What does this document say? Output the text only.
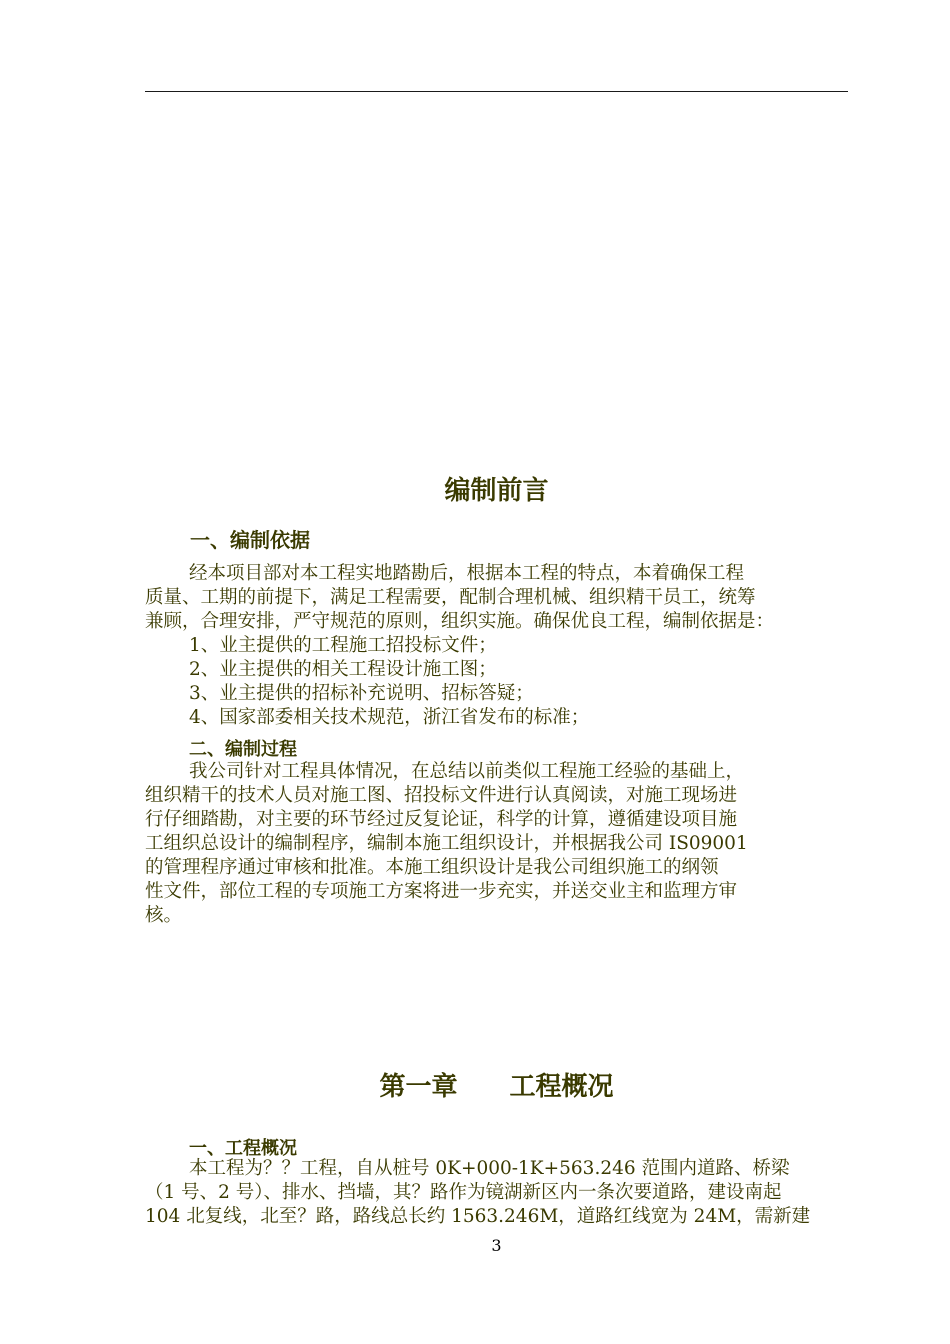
编制前言
一、编制依据
经本项目部对本工程实地踏勘后，根据本工程的特点，本着确保工程
质量、工期的前提下，满足工程需要，配制合理机械、组织精干员工，统筹
兼顾，合理安排，严守规范的原则，组织实施。确保优良工程，编制依据是：
1、业主提供的工程施工招投标文件；
2、业主提供的相关工程设计施工图；
3、业主提供的招标补充说明、招标答疑；
4、国家部委相关技术规范，浙江省发布的标准；
二、编制过程
我公司针对工程具体情况，在总结以前类似工程施工经验的基础上，
组织精干的技术人员对施工图、招投标文件进行认真阅读，对施工现场进
行仔细踏勘，对主要的环节经过反复论证，科学的计算，遵循建设项目施
工组织总设计的编制程序，编制本施工组织设计，并根据我公司 IS09001
的管理程序通过审核和批准。本施工组织设计是我公司组织施工的纲领
性文件，部位工程的专项施工方案将进一步充实，并送交业主和监理方审
核。
第一章　　工程概况
一、工程概况
本工程为？？工程，自从桩号 0K+000-1K+563.246 范围内道路、桥梁
（1 号、2 号）、排水、挡墙，其？路作为镜湖新区内一条次要道路，建设南起
104 北复线，北至？路，路线总长约 1563.246M，道路红线宽为 24M，需新建
3
